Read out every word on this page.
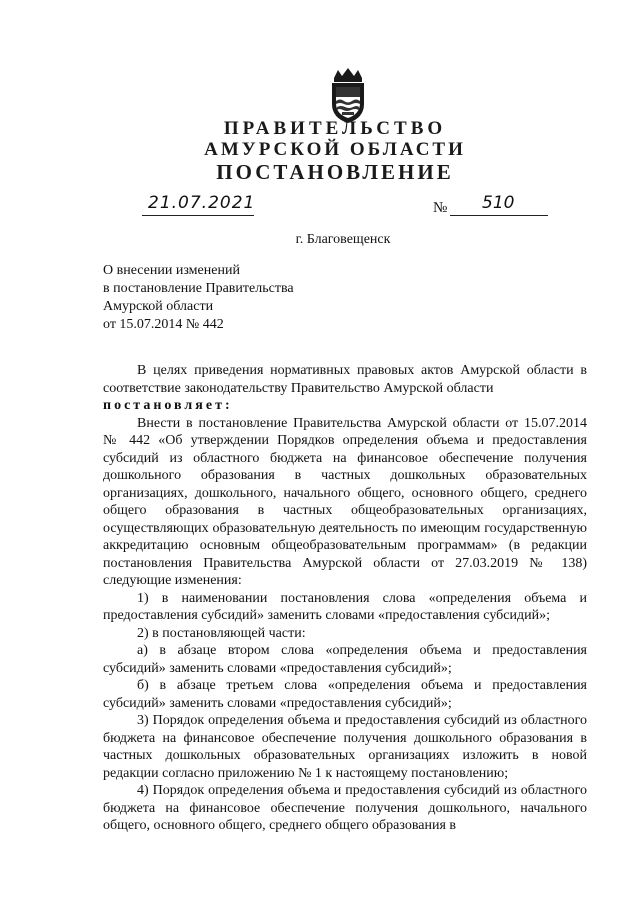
ПРАВИТЕЛЬСТВО
АМУРСКОЙ ОБЛАСТИ
ПОСТАНОВЛЕНИЕ
21.07.2021	№ 510
г. Благовещенск
О внесении изменений
в постановление Правительства
Амурской области
от 15.07.2014 № 442

В целях приведения нормативных правовых актов Амурской области в соответствие законодательству Правительство Амурской области

постановляет:

Внести в постановление Правительства Амурской области от 15.07.2014 № 442 «Об утверждении Порядков определения объема и предоставления субсидий из областного бюджета на финансовое обеспечение получения дошкольного образования в частных дошкольных образовательных организациях, дошкольного, начального общего, основного общего, среднего общего образования в частных общеобразовательных организациях, осуществляющих образовательную деятельность по имеющим государственную аккредитацию основным общеобразовательным программам» (в редакции постановления Правительства Амурской области от 27.03.2019 № 138) следующие изменения:

1) в наименовании постановления слова «определения объема и предоставления субсидий» заменить словами «предоставления субсидий»;

2) в постановляющей части:

а) в абзаце втором слова «определения объема и предоставления субсидий» заменить словами «предоставления субсидий»;

б) в абзаце третьем слова «определения объема и предоставления субсидий» заменить словами «предоставления субсидий»;

3) Порядок определения объема и предоставления субсидий из областного бюджета на финансовое обеспечение получения дошкольного образования в частных дошкольных образовательных организациях изложить в новой редакции согласно приложению № 1 к настоящему постановлению;

4) Порядок определения объема и предоставления субсидий из областного бюджета на финансовое обеспечение получения дошкольного, начального общего, основного общего, среднего общего образования в
